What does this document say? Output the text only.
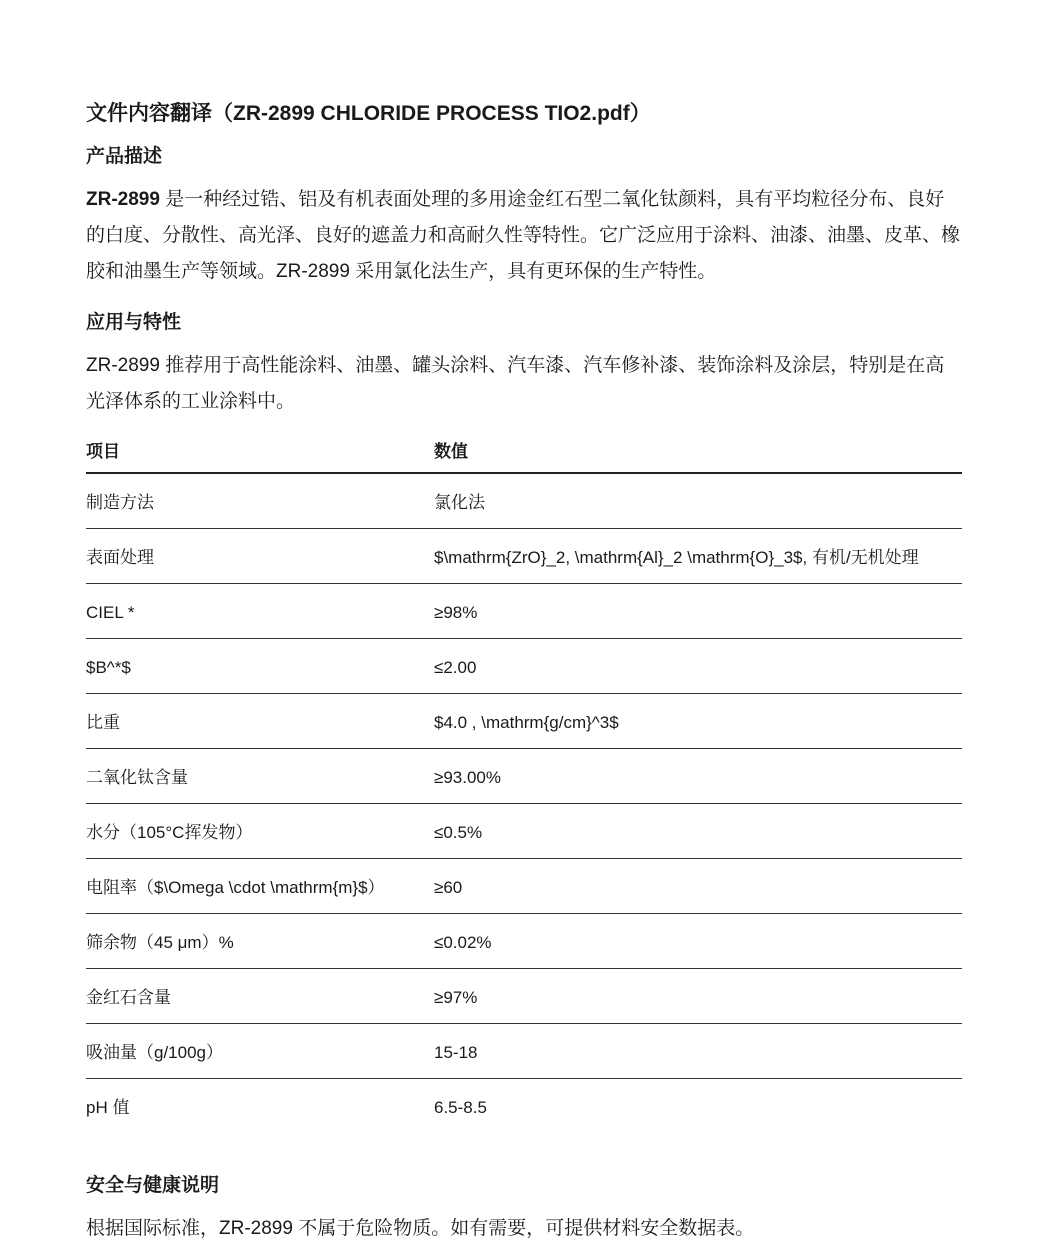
文件内容翻译（ZR-2899 CHLORIDE PROCESS TIO2.pdf）
产品描述

ZR-2899 是一种经过锆、铝及有机表面处理的多用途金红石型二氧化钛颜料，具有平均粒径分布、良好的白度、分散性、高光泽、良好的遮盖力和高耐久性等特性。它广泛应用于涂料、油漆、油墨、皮革、橡胶和油墨生产等领域。ZR-2899 采用氯化法生产，具有更环保的生产特性。

应用与特性

ZR-2899 推荐用于高性能涂料、油墨、罐头涂料、汽车漆、汽车修补漆、装饰涂料及涂层，特别是在高光泽体系的工业涂料中。

项目	数值
制造方法	氯化法
表面处理	$\mathrm{ZrO}_2, \mathrm{Al}_2 \mathrm{O}_3$, 有机/无机处理
CIEL *	≥98%
$B^*$	≤2.00
比重	$4.0 , \mathrm{g/cm}^3$
二氧化钛含量	≥93.00%
水分（105°C挥发物）	≤0.5%
电阻率（$\Omega \cdot \mathrm{m}$）	≥60
筛余物（45 μm）%	≤0.02%
金红石含量	≥97%
吸油量（g/100g）	15-18
pH 值	6.5-8.5
安全与健康说明

根据国际标准，ZR-2899 不属于危险物质。如有需要，可提供材料安全数据表。
